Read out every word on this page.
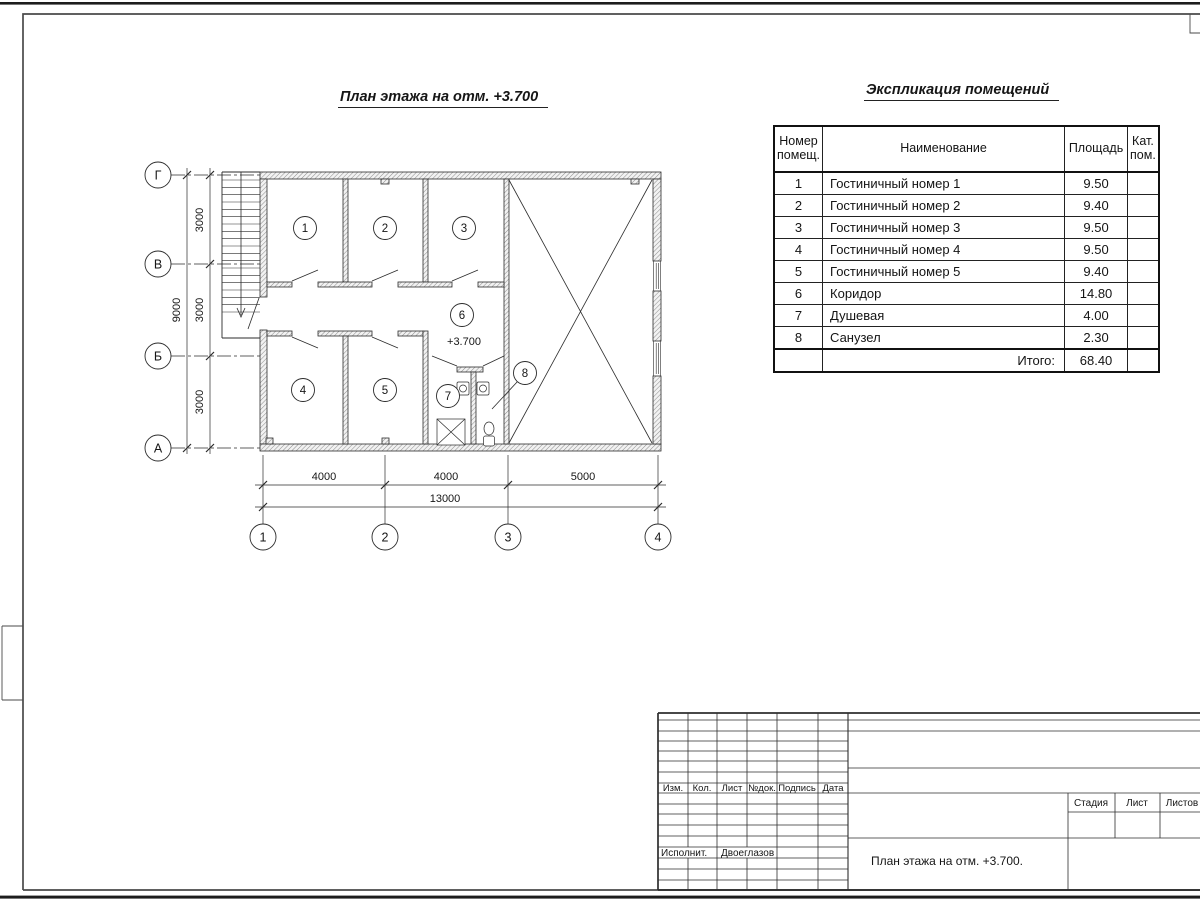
План этажа на отм. +3.700	Экспликация помещений
Номер помещ.	Наименование	Площадь	Кат. пом.
1	Гостиничный номер 1	9.50	
2	Гостиничный номер 2	9.40	
3	Гостиничный номер 3	9.50	
4	Гостиничный номер 4	9.50	
5	Гостиничный номер 5	9.40	
6	Коридор	14.80	
7	Душевая	4.00	
8	Санузел	2.30	
	Итого:	68.40	
Г
В
Б
А
1	2	3	4
3000
3000
3000
9000
4000	4000	5000
13000
1	2	3
4	5
6
7
8
+3.700
Изм. Кол. Лист №док. Подпись Дата
Исполнит. Двоеглазов
Стадия Лист Листов
План этажа на отм. +3.700.
